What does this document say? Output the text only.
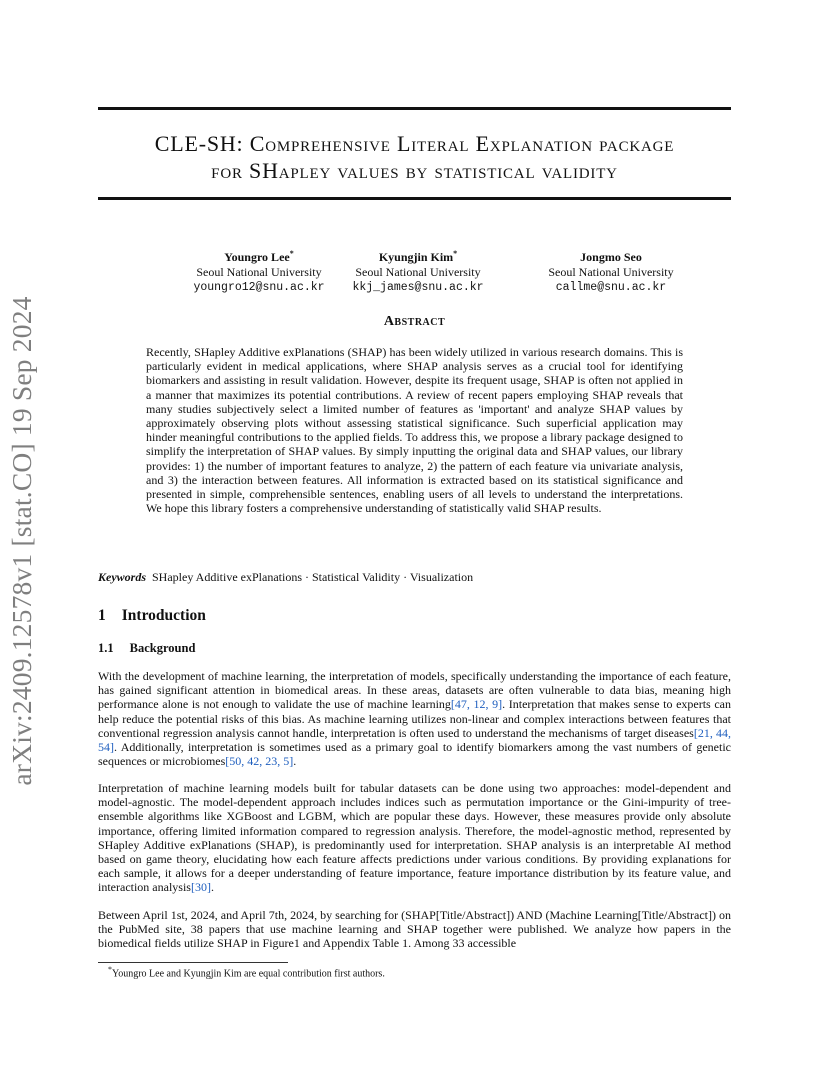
arXiv:2409.12578v1 [stat.CO] 19 Sep 2024
CLE-SH: Comprehensive Literal Explanation package
for SHapley values by statistical validity
Youngro Lee*
Seoul National University
youngro12@snu.ac.kr
Kyungjin Kim*
Seoul National University
kkj_james@snu.ac.kr
Jongmo Seo
Seoul National University
callme@snu.ac.kr
Abstract

Recently, SHapley Additive exPlanations (SHAP) has been widely utilized in various research domains. This is particularly evident in medical applications, where SHAP analysis serves as a crucial tool for identifying biomarkers and assisting in result validation. However, despite its frequent usage, SHAP is often not applied in a manner that maximizes its potential contributions. A review of recent papers employing SHAP reveals that many studies subjectively select a limited number of features as 'important' and analyze SHAP values by approximately observing plots without assessing statistical significance. Such superficial application may hinder meaningful contributions to the applied fields. To address this, we propose a library package designed to simplify the interpretation of SHAP values. By simply inputting the original data and SHAP values, our library provides: 1) the number of important features to analyze, 2) the pattern of each feature via univariate analysis, and 3) the interaction between features. All information is extracted based on its statistical significance and presented in simple, comprehensible sentences, enabling users of all levels to understand the interpretations. We hope this library fosters a comprehensive understanding of statistically valid SHAP results.

Keywords SHapley Additive exPlanations · Statistical Validity · Visualization

1 Introduction
1.1 Background

With the development of machine learning, the interpretation of models, specifically understanding the importance of each feature, has gained significant attention in biomedical areas. In these areas, datasets are often vulnerable to data bias, meaning high performance alone is not enough to validate the use of machine learning[47, 12, 9]. Interpretation that makes sense to experts can help reduce the potential risks of this bias. As machine learning utilizes non-linear and complex interactions between features that conventional regression analysis cannot handle, interpretation is often used to understand the mechanisms of target diseases[21, 44, 54]. Additionally, interpretation is sometimes used as a primary goal to identify biomarkers among the vast numbers of genetic sequences or microbiomes[50, 42, 23, 5].

Interpretation of machine learning models built for tabular datasets can be done using two approaches: model-dependent and model-agnostic. The model-dependent approach includes indices such as permutation importance or the Gini-impurity of tree-ensemble algorithms like XGBoost and LGBM, which are popular these days. However, these measures provide only absolute importance, offering limited information compared to regression analysis. Therefore, the model-agnostic method, represented by SHapley Additive exPlanations (SHAP), is predominantly used for interpretation. SHAP analysis is an interpretable AI method based on game theory, elucidating how each feature affects predictions under various conditions. By providing explanations for each sample, it allows for a deeper understanding of feature importance, feature importance distribution by its feature value, and interaction analysis[30].

Between April 1st, 2024, and April 7th, 2024, by searching for (SHAP[Title/Abstract]) AND (Machine Learning[Title/Abstract]) on the PubMed site, 38 papers that use machine learning and SHAP together were published. We analyze how papers in the biomedical fields utilize SHAP in Figure1 and Appendix Table 1. Among 33 accessible

*Youngro Lee and Kyungjin Kim are equal contribution first authors.
